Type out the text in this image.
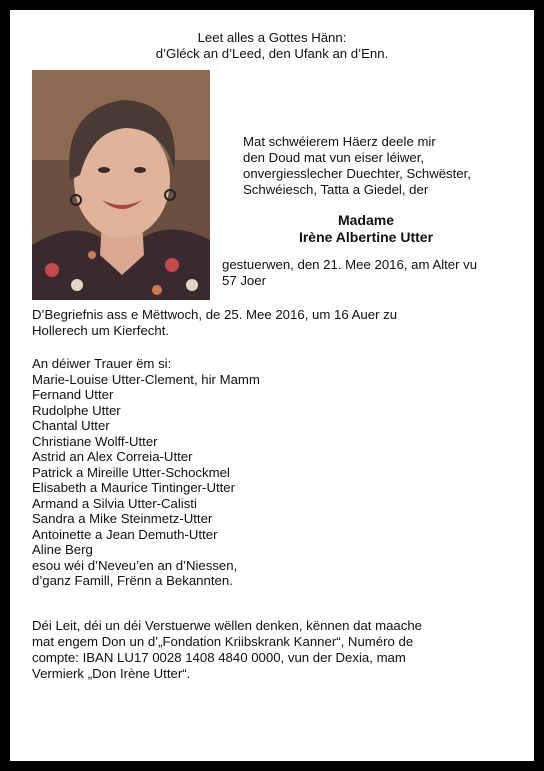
Leet alles a Gottes Hänn:
d’Gléck an d’Leed, den Ufank an d’Enn.
Mat schwéierem Häerz deele mir
den Doud mat vun eiser léiwer,
onvergiesslecher Duechter, Schwëster,
Schwéiesch, Tatta a Giedel, der
Madame
Irène Albertine Utter
gestuerwen, den 21. Mee 2016, am Alter vu
57 Joer
D’Begriefnis ass e Mëttwoch, de 25. Mee 2016, um 16 Auer zu
Hollerech um Kierfecht.
An déiwer Trauer ëm si:
Marie-Louise Utter-Clement, hir Mamm
Fernand Utter
Rudolphe Utter
Chantal Utter
Christiane Wolff-Utter
Astrid an Alex Correia-Utter
Patrick a Mireille Utter-Schockmel
Elisabeth a Maurice Tintinger-Utter
Armand a Silvia Utter-Calisti
Sandra a Mike Steinmetz-Utter
Antoinette a Jean Demuth-Utter
Aline Berg
esou wéi d’Neveu’en an d’Niessen,
d’ganz Famill, Frënn a Bekannten.
Déi Leit, déi un déi Verstuerwe wëllen denken, kënnen dat maache
mat engem Don un d’„Fondation Kriibskrank Kanner“, Numéro de
compte: IBAN LU17 0028 1408 4840 0000, vun der Dexia, mam
Vermierk „Don Irène Utter“.
